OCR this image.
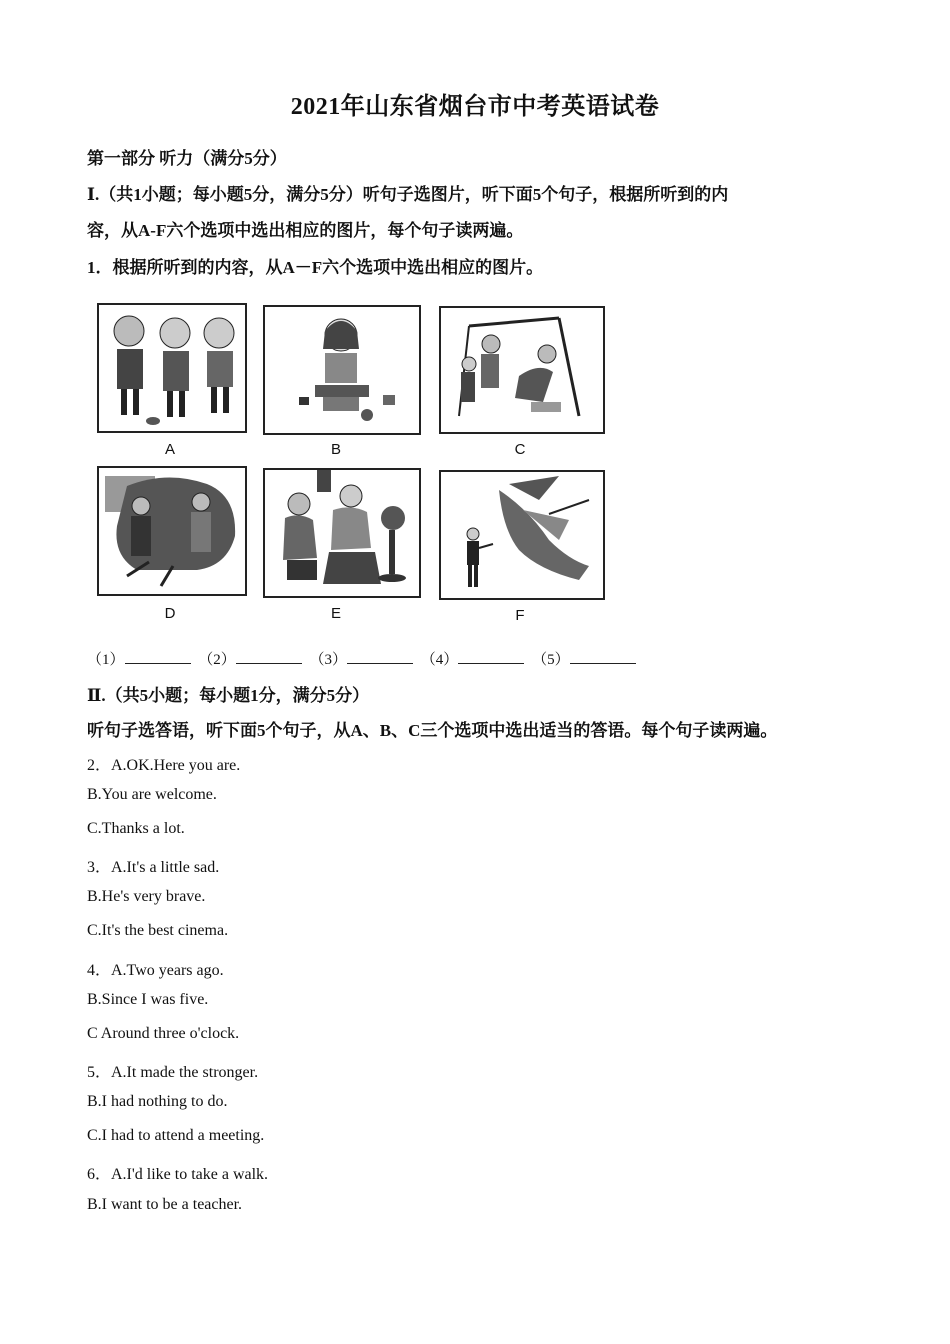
2021年山东省烟台市中考英语试卷
第一部分 听力（满分5分）
Ⅰ.（共1小题；每小题5分，满分5分）听句子选图片，听下面5个句子，根据所听到的内
容，从A-F六个选项中选出相应的图片，每个句子读两遍。
1．根据所听到的内容，从A－F六个选项中选出相应的图片。
A	B	C
D	E	F
（1）	（2）	（3）	（4）	（5）
Ⅱ.（共5小题；每小题1分，满分5分）
听句子选答语，听下面5个句子，从A、B、C三个选项中选出适当的答语。每个句子读两遍。
2．A.OK.Here you are.
B.You are welcome.
C.Thanks a lot.
3．A.It's a little sad.
B.He's very brave.
C.It's the best cinema.
4．A.Two years ago.
B.Since I was five.
C Around three o'clock.
5．A.It made the stronger.
B.I had nothing to do.
C.I had to attend a meeting.
6．A.I'd like to take a walk.
B.I want to be a teacher.
